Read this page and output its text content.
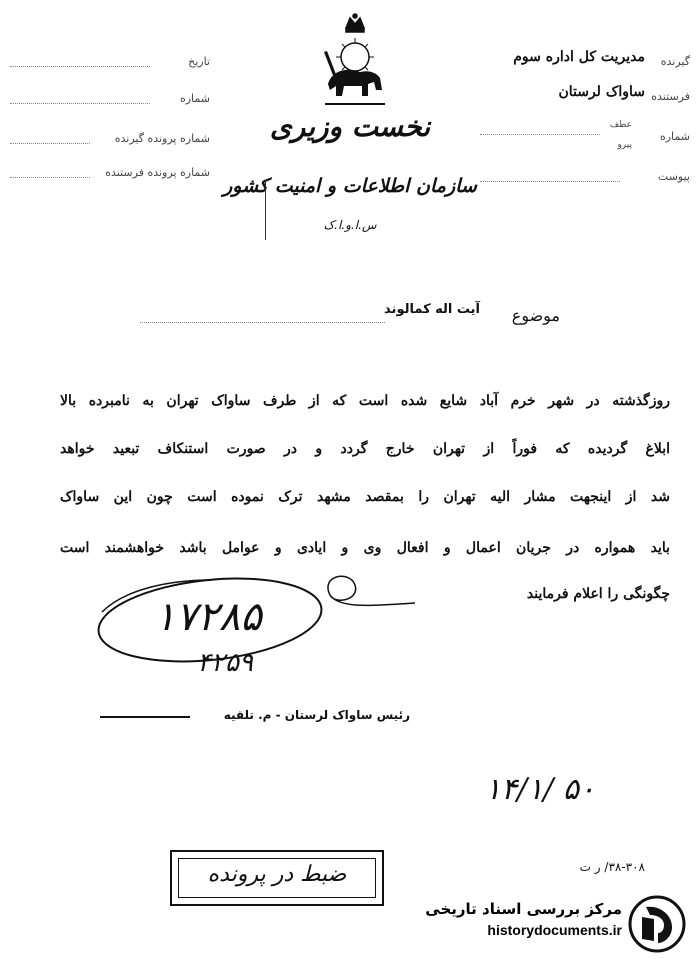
تاریخ
شماره
شماره پرونده گیرنده
شماره پرونده فرستنده
گیرنده
مدیریت کل اداره سوم
فرستنده
ساواک لرستان
شماره
عطف
پیرو
پیوست
نخست وزیری
سازمان اطلاعات و امنیت کشور
س.ا.و.ا.ک
آیت اله کمالوند	موضوع
روزگذشته در شهر خرم آباد شایع شده است که از طرف ساواک تهران به نامبرده بالا
ابلاغ گردیده که فوراً از تهران خارج گردد و در صورت استنکاف تبعید خواهد
شد از اینجهت مشار الیه تهران را بمقصد مشهد ترک نموده است چون این ساواک
باید همواره در جریان اعمال و افعال وی و ایادی و عوامل باشد خواهشمند است
چگونگی را اعلام فرمایند
۱۷۲۸۵
۴۲۵۹
رئیس ساواک لرستان - م. تلقیه
۱۴/۱/ ۵۰
ضبط در پرونده	۳۸-۳۰۸/ ر ت
مرکز بررسی اسناد تاریخی
historydocuments.ir
